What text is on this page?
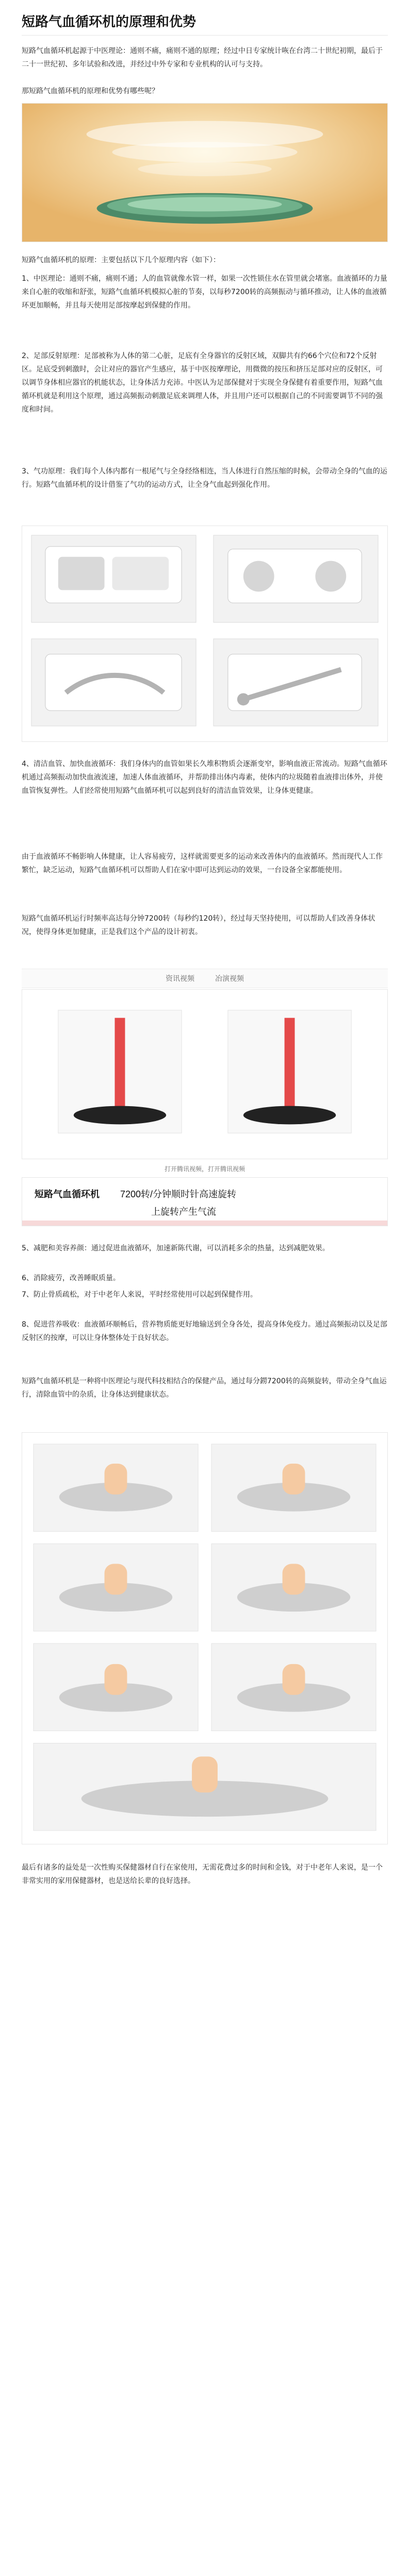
短路气血循环机的原理和优势
短路气血循环机起源于中医理论：通则不痛，痛则不通的原理；经过中日专家统计咴在台湾二十世纪初期，最后于二十一世纪初、多年试验和改进，并经过中外专家和专业机构的认可与支持。
那短路气血循环机的原理和优势有哪些呢？
短路气血循环机的原理：主要包括以下几个原理内容（如下）：
1、中医理论：通则不痛，痛则不通；人的血管就像水管一样，如果一次性锁住水在管里就会堵塞。血液循环的力量来自心脏的收缩和舒张，短路气血循环机模拟心脏的节奏，以每秒7200转的高频振动与循环推动，让人体的血液循环更加顺畅，并且每天使用足部按摩起到保健的作用。
2、足部反射原理：足部被称为人体的第二心脏，足底有全身器官的反射区域，双脚共有约66个穴位和72个反射区。足底受到刺激时，会让对应的器官产生感应，基于中医按摩理论，用微微的按压和挤压足部对应的反射区，可以调节身体相应器官的机能状态，让身体活力充沛。中医认为足部保健对于实现全身保健有着重要作用，短路气血循环机就是利用这个原理，通过高频振动刺激足底来调理人体，并且用户还可以根据自己的不同需要调节不同的强度和时间。
3、气功原理：我们每个人体内都有一根尾气与全身经络相连，当人体进行自然压缩的时候，会带动全身的气血的运行。短路气血循环机的设计借鉴了气功的运动方式，让全身气血起到强化作用。
4、清洁血管、加快血液循环：我们身体内的血管如果长久堆积物质会逐渐变窄，影响血液正常流动。短路气血循环机通过高频振动加快血液流速，加速人体血液循环，并帮助排出体内毒素，使体内的垃圾随着血液排出体外，并使血管恢复弹性。人们经常使用短路气血循环机可以起到良好的清洁血管效果，让身体更健康。
由于血液循环不畅影响人体健康，让人容易疲劳，这样就需要更多的运动来改善体内的血液循环。然而现代人工作繁忙，缺乏运动，短路气血循环机可以帮助人们在家中即可达到运动的效果，一台设备全家都能使用。
短路气血循环机运行时频率高达每分钟7200转（每秒约120转），经过每天坚持使用，可以帮助人们改善身体状况，使得身体更加健康，正是我们这个产品的设计初衷。
资讯视频	冶演视频
打开腾讯视频，打开腾讯视频
短路气血循环机 7200转/分钟顺时针高速旋转
上旋转产生气流
5、减肥和美容养颜：通过促进血液循环，加速新陈代谢，可以消耗多余的热量，达到减肥效果。
6、消除疲劳，改善睡眠质量。
7、防止骨质疏松，对于中老年人来说，平时经常使用可以起到保健作用。
8、促进营养吸收：血液循环顺畅后，营养物质能更好地输送到全身各处，提高身体免疫力。通过高频振动以及足部反射区的按摩，可以让身体整体处于良好状态。
短路气血循环机是一种将中医理论与现代科技相结合的保健产品，通过每分鐒7200转的高频旋转，带动全身气血运行，清除血管中的杂质，让身体达到健康状态。
最后有诸多的益处是一次性购买保健器材自行在家使用，无需花费过多的时间和金钱，对于中老年人来说，是一个非常实用的家用保健器材，也是送给长辈的良好选择。
